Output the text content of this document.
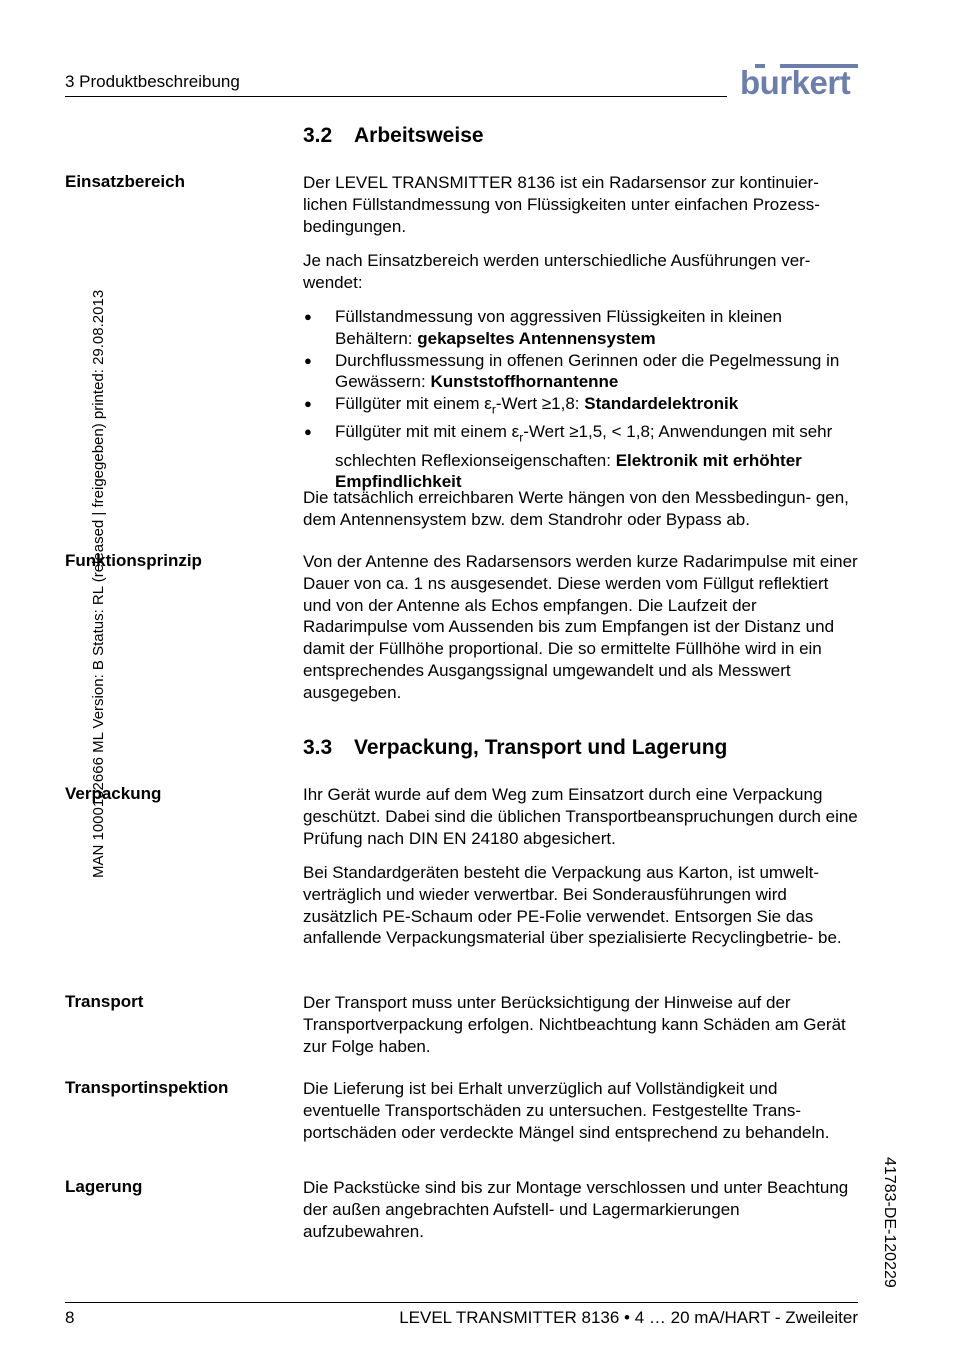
3 Produktbeschreibung	burkert
MAN 1000102666 ML Version: B Status: RL (released | freigegeben) printed: 29.08.2013
41783-DE-120229
3.2 Arbeitsweise
Einsatzbereich	Der LEVEL TRANSMITTER 8136 ist ein Radarsensor zur kontinuier- lichen Füllstandmessung von Flüssigkeiten unter einfachen Prozess- bedingungen.

Je nach Einsatzbereich werden unterschiedliche Ausführungen ver- wendet:

● Füllstandmessung von aggressiven Flüssigkeiten in kleinen Behältern: gekapseltes Antennensystem
● Durchflussmessung in offenen Gerinnen oder die Pegelmessung in Gewässern: Kunststoffhornantenne
● Füllgüter mit einem $\varepsilon_r$-Wert ≥1,8: Standardelektronik
● Füllgüter mit mit einem $\varepsilon_r$-Wert ≥1,5, < 1,8; Anwendungen mit sehr schlechten Reflexionseigenschaften: Elektronik mit erhöhter Empfindlichkeit

Die tatsächlich erreichbaren Werte hängen von den Messbedingun- gen, dem Antennensystem bzw. dem Standrohr oder Bypass ab.

Funktionsprinzip	Von der Antenne des Radarsensors werden kurze Radarimpulse mit einer Dauer von ca. 1 ns ausgesendet. Diese werden vom Füllgut reflektiert und von der Antenne als Echos empfangen. Die Laufzeit der Radarimpulse vom Aussenden bis zum Empfangen ist der Distanz und damit der Füllhöhe proportional. Die so ermittelte Füllhöhe wird in ein entsprechendes Ausgangssignal umgewandelt und als Messwert ausgegeben.

3.3 Verpackung, Transport und Lagerung
Verpackung	Ihr Gerät wurde auf dem Weg zum Einsatzort durch eine Verpackung geschützt. Dabei sind die üblichen Transportbeanspruchungen durch eine Prüfung nach DIN EN 24180 abgesichert.

Bei Standardgeräten besteht die Verpackung aus Karton, ist umwelt- verträglich und wieder verwertbar. Bei Sonderausführungen wird zusätzlich PE-Schaum oder PE-Folie verwendet. Entsorgen Sie das anfallende Verpackungsmaterial über spezialisierte Recyclingbetrie- be.

Transport	Der Transport muss unter Berücksichtigung der Hinweise auf der Transportverpackung erfolgen. Nichtbeachtung kann Schäden am Gerät zur Folge haben.

Transportinspektion	Die Lieferung ist bei Erhalt unverzüglich auf Vollständigkeit und eventuelle Transportschäden zu untersuchen. Festgestellte Trans- portschäden oder verdeckte Mängel sind entsprechend zu behandeln.

Lagerung	Die Packstücke sind bis zur Montage verschlossen und unter Beachtung der außen angebrachten Aufstell- und Lagermarkierungen aufzubewahren.

8	LEVEL TRANSMITTER 8136 • 4 … 20 mA/HART - Zweileiter
